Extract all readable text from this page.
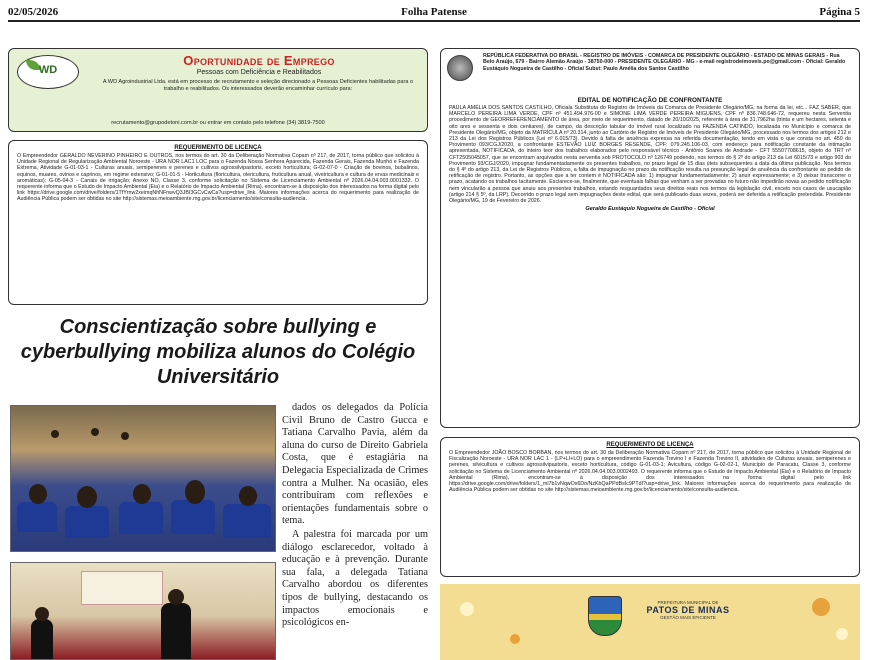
02/05/2026	Folha Patense	Página 5
WD
Oportunidade de Emprego
Pessoas com Deficiência e Reabilitados
A WD Agroindustrial Ltda. está em processo de recrutamento e seleção direcionado a Pessoas Deficientes habilitadas para o trabalho e reabilitados. Os interessados deverão encaminhar currículo para:
recrutamento@grupodetoni.com.br ou entrar em contato pelo telefone (34) 3819-7500
REQUERIMENTO DE LICENÇA
O Empreendedor GERALDO NEVERINO PINHEIRO E OUTROS, nos termos do art. 30 da Deliberação Normativa Copam nº 217, de 2017, torna público que solicitou à Unidade Regional de Regularização Ambiental Noroeste - URA NOR LAC1 LOC para o Fazenda Nossa Senhora Aparecida, Fazenda Gerais, Fazenda Munhó e Fazenda Extrema, Atividade G-01-03-1 - Culturas anuais, semiperenes e perenes e cultivos agrossilvipastoris, exceto horticultura; G-02-07-0 - Criação de bovinos, bubalinos, equinos, muares, ovinos e caprinos, em regime extensivo; G-01-01-5 - Horticultura (floricultura, olericultura, fruticultura anual, viveiricultura e cultura de ervas medicinais e aromáticas); G-05-04-3 - Canais de irrigação; Anexo NO, Classe 3, conforme solicitação no Sistema de Licenciamento Ambiental nº 2026.04.04.003.0001332. O requerente informa que o Estudo de Impacto Ambiental (Eia) e o Relatório de Impacto Ambiental (Rima), encontram-se à disposição dos interessados na forma digital pelo link https://drive.google.com/drive/folders/1TfYrnw2xeimqNhNFnwvQ3JBI3GCvCwCa?usp=drive_link. Maiores informações acerca do requerimento para realização de Audiência Pública podem ser obtidas no site http://sistemas.meioambiente.mg.gov.br/licenciamento/site/consulta-audiencia.
Conscientização sobre bullying e cyberbullying mobiliza alunos do Colégio Universitário

dados os delegados da Polícia Civil Bruno de Castro Gucca e Tatiana Carvalho Pavia, além da aluna do curso de Direito Gabriela Costa, que é estagiária na Delegacia Especializada de Crimes contra a Mulher. Na ocasião, eles contribuíram com reflexões e orientações fundamentais sobre o tema.

A palestra foi marcada por um diálogo esclarecedor, voltado à educação e à prevenção. Durante sua fala, a delegada Tatiana Carvalho abordou os diferentes tipos de bullying, destacando os impactos emocionais e psicológicos en-

REPÚBLICA FEDERATIVA DO BRASIL - REGISTRO DE IMÓVEIS - COMARCA DE PRESIDENTE OLEGÁRIO - ESTADO DE MINAS GERAIS - Rua Belo Araújo, 679 - Bairro Alemão Araújo - 38750-000 - PRESIDENTE OLEGÁRIO - MG - e-mail registrodeimoveis.po@gmail.com - Oficial: Geraldo Eustáquio Nogueira de Castilho - Oficial Subst: Paulo Amélia dos Santos Castilho
EDITAL DE NOTIFICAÇÃO DE CONFRONTANTE
PAULA AMÉLIA DOS SANTOS CASTILHO, Oficiala Substituta do Registro de Imóveis da Comarca de Presidente Olegário/MG, na forma da lei, etc... FAZ SABER, que MARCELO PEREIRA LIMA VERDE, CPF nº 451.494.976-00 e SIMONE LIMA VERDE PEREIRA MIGUENS, CPF nº 836.748.646-72, requereu nesta Serventia procedimento de GEORREFERENCIAMENTO de área, por meio de requerimento, datado de 20/10/2025, referente à área de 31,7962ha (trinta e um hectares, setenta e oito ares e sessenta e dois centiares), de campo, da descrição tabular do imóvel rural localizado na FAZENDA CATINDÓ, localizada no Município e comarca de Presidente Olegário/MG, objeto da MATRÍCULA nº 20.314, junto ao Cartório de Registro de Imóveis de Presidente Olegário/MG, processado nos termos dos artigos 212 e 213 da Lei dos Registros Públicos (Lei nº 6.015/73). Devido à falta de anuência expressa na referida documentação, tendo em vista o que consta no art. 450 do Provimento 093/CGJ/2020, a confrontante ESTEVÃO LUIZ BORGES RESENDE, CPF: 079.245.106-03, com endereço para notificação constante da intimação apresentada, NOTIFICADA, do inteiro teor dos trabalhos elaborados pelo responsável técnico - Antônio Soares de Andrade - CFT 55507708615, objeto do TRT nº CFT2505045057, que se encontram arquivados nesta serventia sob PROTOCOLO nº 126749 podendo, nos termos do § 2º do artigo 213 da Lei 6015/73 e artigo 903 do Provimento 93/CGJ/2020, impugnar fundamentadamente os presentes trabalhos, no prazo legal de 15 dias úteis subsequentes a data da última publicação. Nos termos do § 4º do artigo 213, da Lei de Registros Públicos, a falta de impugnação no prazo da notificação resulta na presunção legal de anuência da confrontante ao pedido de retificação de registro. Portanto, as opções que a ter contem é NOTIFICADA são: 1) impugnar fundamentadamente; 2) anuir expressamente; e 3) deixar transcorrer o prazo, acatando os trabalhos tacitamente. Esclarece-se, finalmente, que eventuais falhas que venham a ser provadas no futuro não impedirão novas ao pedido notificação nem vincularão a pessoa que anuiu aos presentes trabalhos, estando resguardados seus direitos reais nos termos da legislação civil, exceto nos casos de usucapião (artigo 214 § 5º, da LRP). Decorrido o prazo legal sem impugnações deste edital, que será publicado duas vezes, poderá ser deferida a retificação pretendida. Presidente Olegário/MG, 19 de Fevereiro de 2026.
Geraldo Eustáquio Nogueira de Castilho - Oficial
REQUERIMENTO DE LICENÇA
O Empreendedor JOÃO BOSCO BORBAN, nos termos do art. 30 da Deliberação Normativa Copam nº 217, de 2017, torna público que solicitou à Unidade Regional de Fiscalização Noroeste - URA NOR LAC 1 - (LP+LI+LO) para o empreendimento Fazenda Trevino I e Fazenda Trevino II, atividades de Culturas anuais, semiperenes e perenes, silvicultura e cultivos agrossilvipastoris, exceto horticultura, código G-01-03-1; Avicultura, código G-02-02-1, Município de Paracatu, Classe 3, conforme solicitação no Sistema de Licenciamento Ambiental nº 2026.04.04.003.0002493. O requerente informa que o Estudo de Impacto Ambiental (Eia) e o Relatório de Impacto Ambiental (Rima), encontram-se à disposição dos interessados na forma digital pelo link https://drive.google.com/drive/folders/1_ml7b1vNqwOx6Do/NzKbQaPPdBsIc9PTdI?usp=drive_link. Maiores informações acerca do requerimento para realização de Audiência Pública podem ser obtidas no site http://sistemas.meioambiente.mg.gov.br/licenciamento/site/consulta-audiencia.
PREFEITURA MUNICIPAL DE
PATOS DE MINAS
GESTÃO MAIS EFICIENTE
